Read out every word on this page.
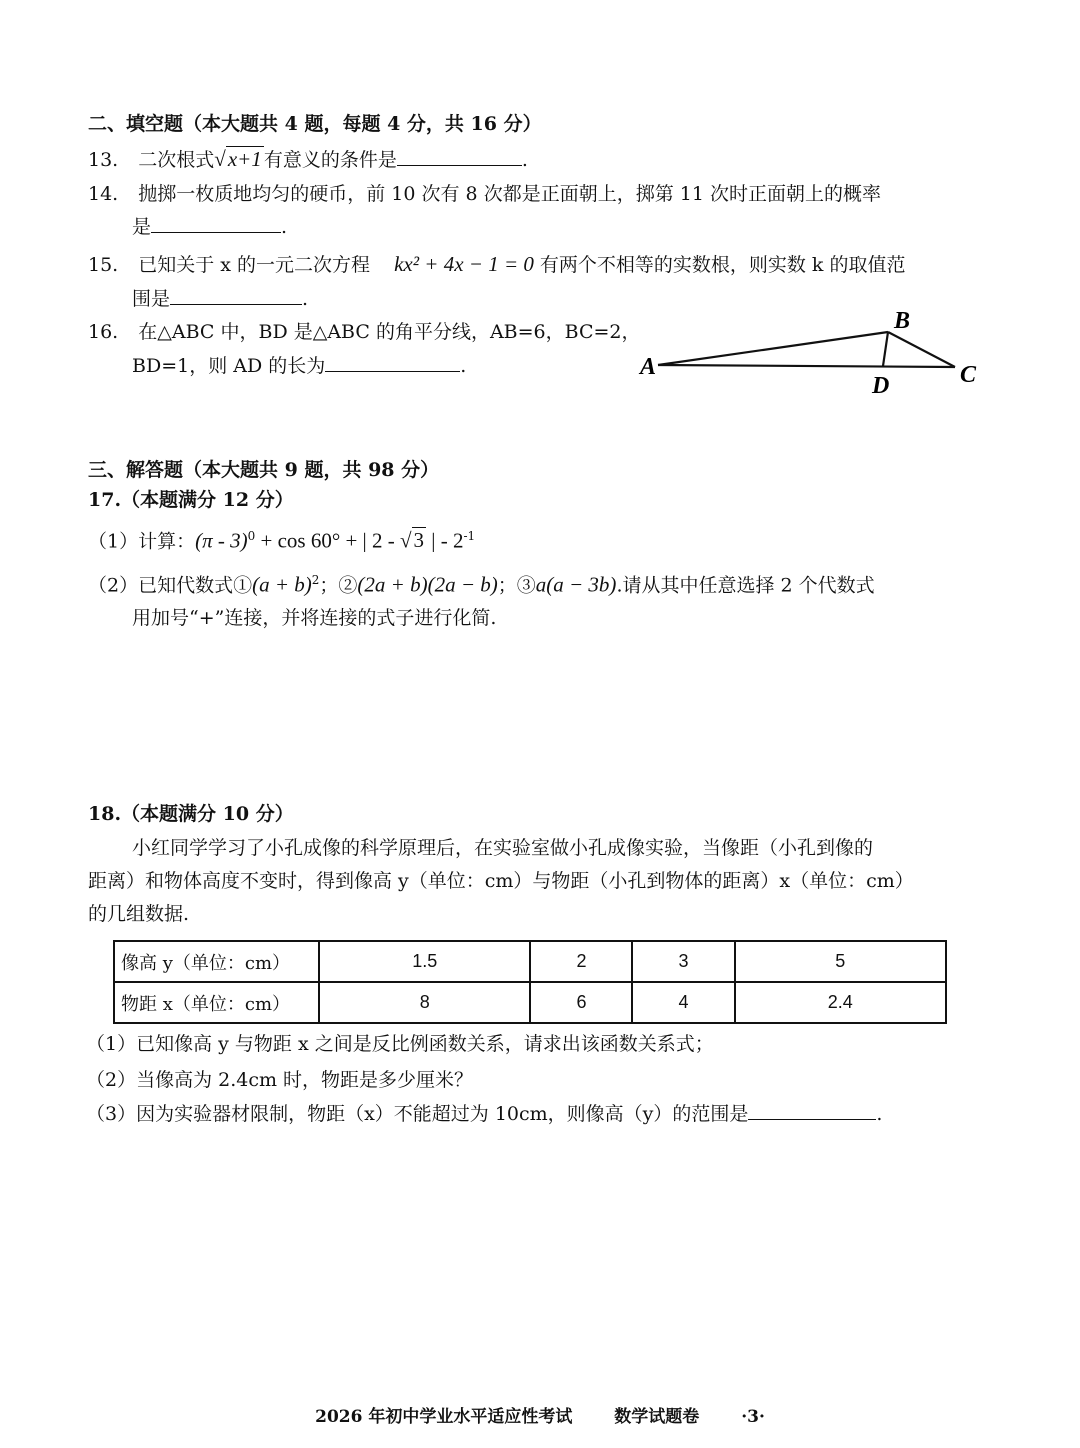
二、填空题（本大题共 4 题，每题 4 分，共 16 分）
13. 二次根式√x+1 有意义的条件是	.
14. 抛掷一枚质地均匀的硬币，前 10 次有 8 次都是正面朝上，掷第 11 次时正面朝上的概率
是	.
15. 已知关于 x 的一元二次方程 kx² + 4x − 1 = 0 有两个不相等的实数根，则实数 k 的取值范
围是	.
16. 在△ABC 中，BD 是△ABC 的角平分线，AB=6，BC=2，
BD=1，则 AD 的长为	.	A
B
C
D
三、解答题（本大题共 9 题，共 98 分）
17.（本题满分 12 分）
（1）计算：(π - 3)$^0$ + cos 60° + | 2 - √3 | - $2^{-1}$
（2）已知代数式①(a + b)$^2$；②(2a + b)(2a − b)；③a(a − 3b).请从其中任意选择 2 个代数式
用加号“+”连接，并将连接的式子进行化简.
18.（本题满分 10 分）
小红同学学习了小孔成像的科学原理后，在实验室做小孔成像实验，当像距（小孔到像的
距离）和物体高度不变时，得到像高 y（单位：cm）与物距（小孔到物体的距离）x（单位：cm）
的几组数据.
像高 y（单位：cm）	1.5	2	3	5
物距 x（单位：cm）	8	6	4	2.4
（1）已知像高 y 与物距 x 之间是反比例函数关系，请求出该函数关系式；
（2）当像高为 2.4cm 时，物距是多少厘米？
（3）因为实验器材限制，物距（x）不能超过为 10cm，则像高（y）的范围是	.
2026 年初中学业水平适应性考试 数学试题卷 ·3·
